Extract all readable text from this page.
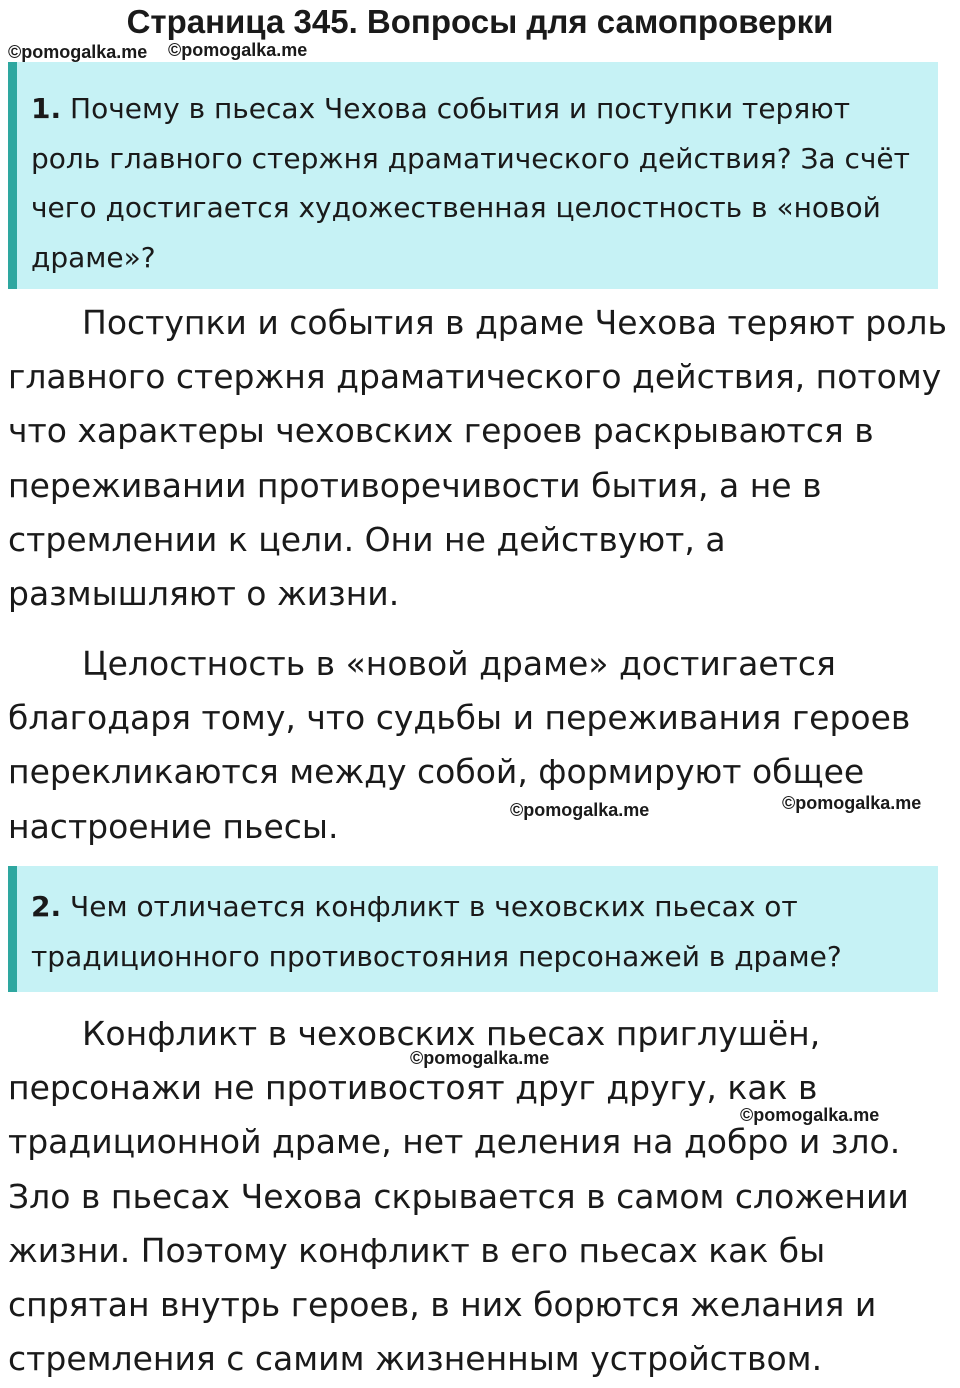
Страница 345. Вопросы для самопроверки
©pomogalka.me ©pomogalka.me
1. Почему в пьесах Чехова события и поступки теряют роль главного стержня драматического действия? За счёт чего достигается художественная целостность в «новой драме»?

Поступки и события в драме Чехова теряют роль главного стержня драматического действия, потому что характеры чеховских героев раскрываются в переживании противоречивости бытия, а не в стремлении к цели. Они не действуют, а размышляют о жизни.

Целостность в «новой драме» достигается благодаря тому, что судьбы и переживания героев перекликаются между собой, формируют общее настроение пьесы.	©pomogalka.me	©pomogalka.me
2. Чем отличается конфликт в чеховских пьесах от традиционного противостояния персонажей в драме?

Конфликт в чеховских пьесах приглушён, персонажи не противостоят друг другу, как в традиционной драме, нет деления на добро и зло. Зло в пьесах Чехова скрывается в самом сложении жизни. Поэтому конфликт в его пьесах как бы спрятан внутрь героев, в них борются желания и стремления с самим жизненным устройством.

©pomogalka.me
©pomogalka.me
